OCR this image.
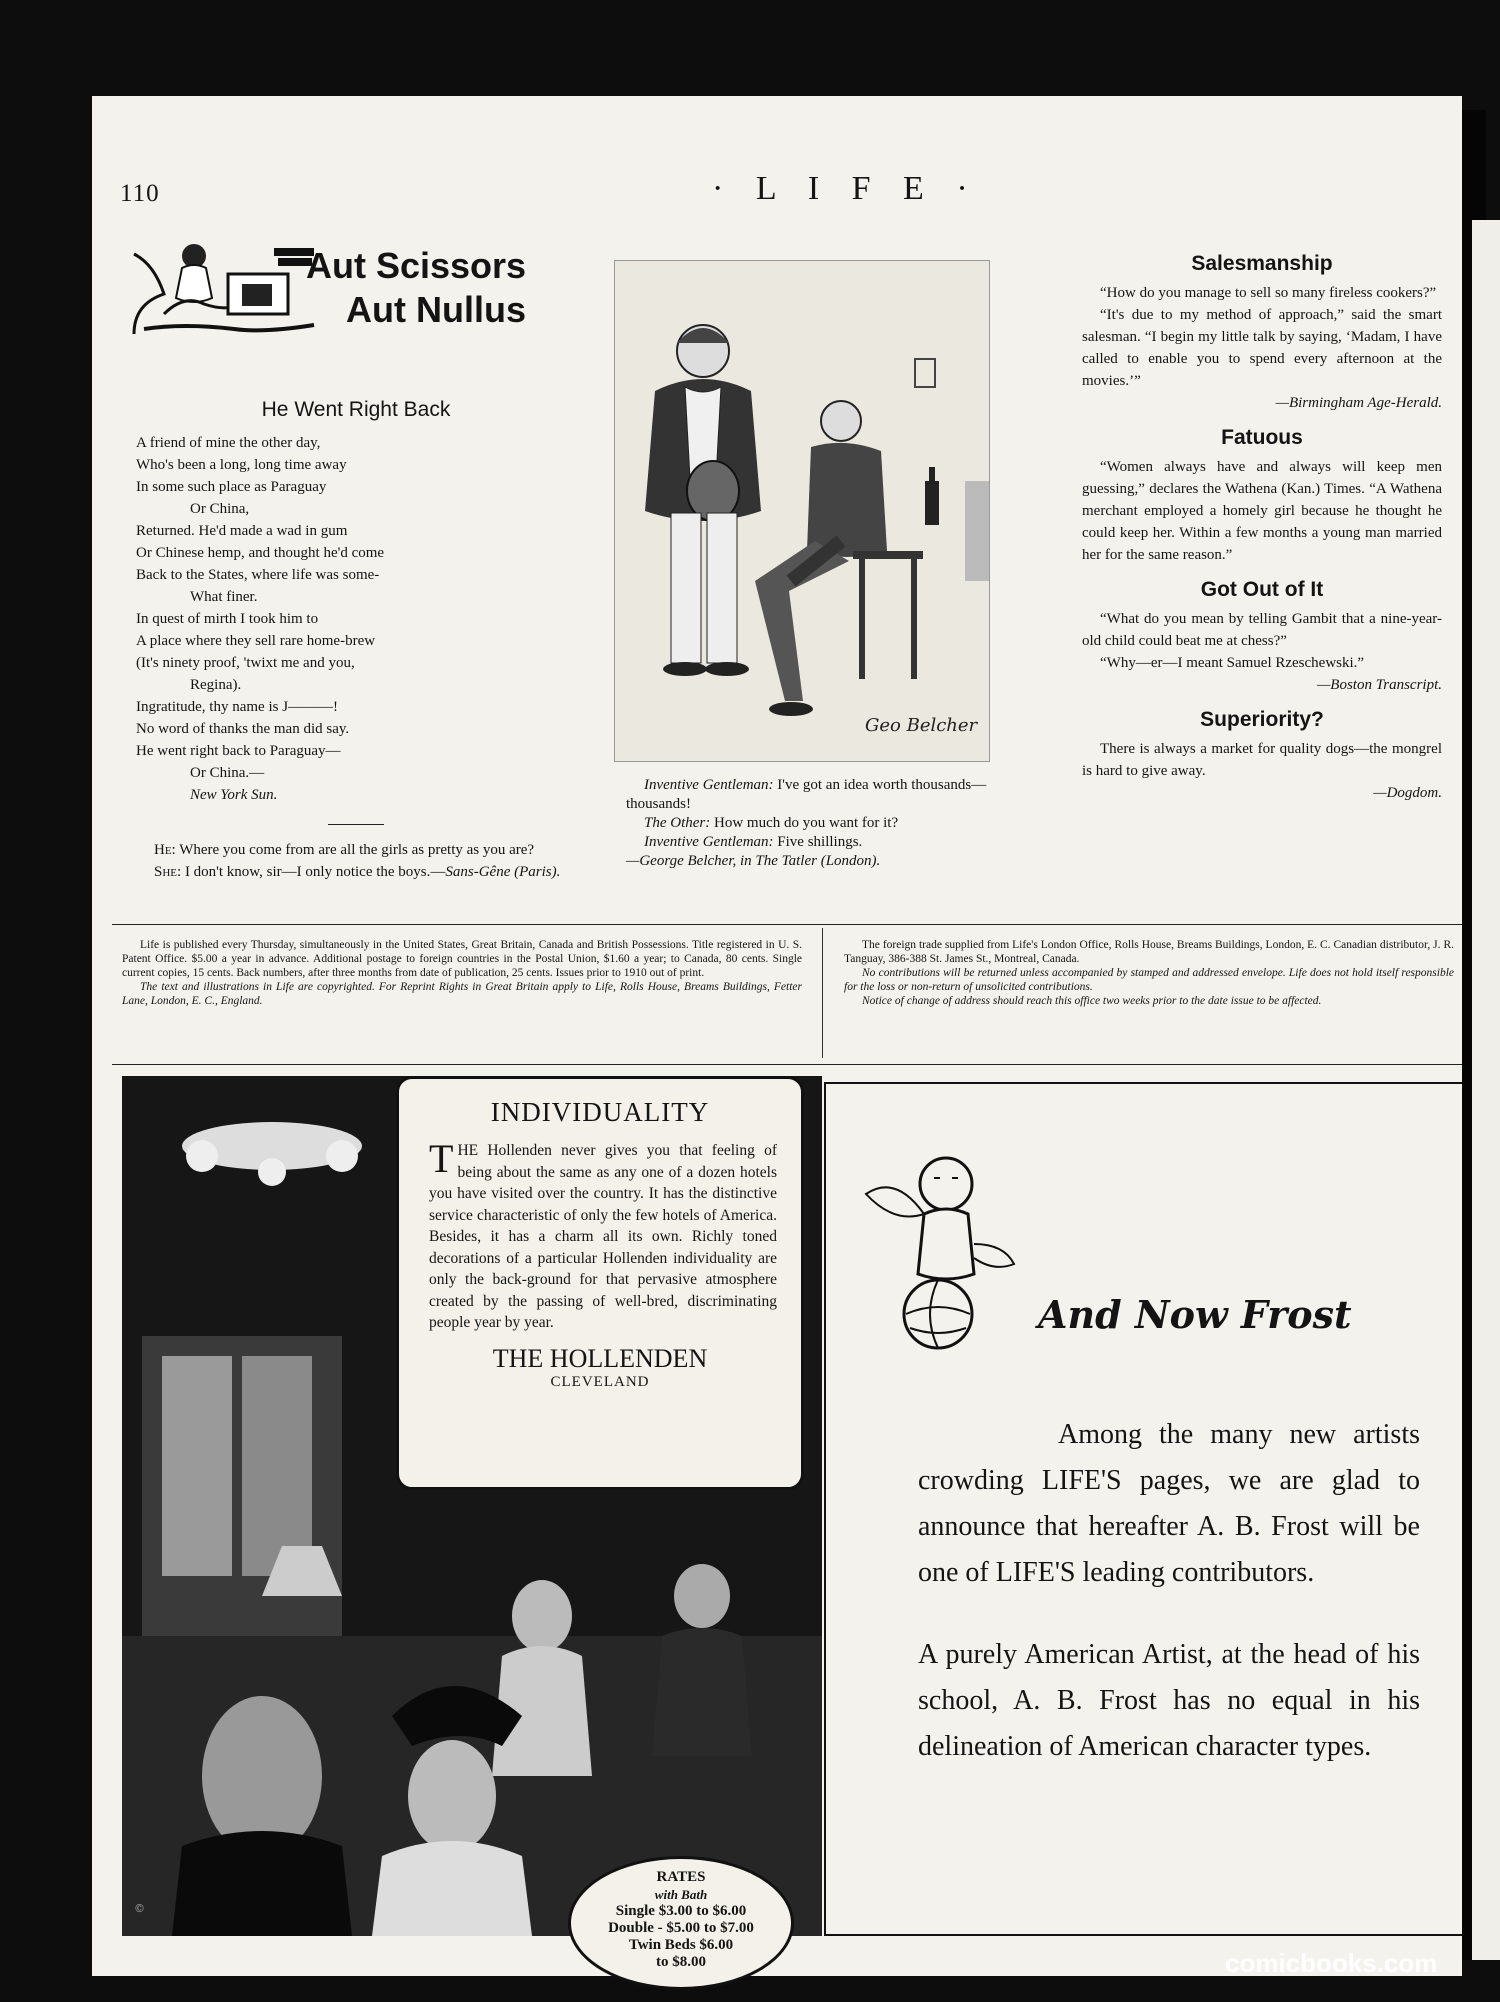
110	· L I F E ·
Aut Scissors
Aut Nullus
He Went Right Back
A friend of mine the other day,
Who's been a long, long time away
In some such place as Paraguay
Or China,
Returned. He'd made a wad in gum
Or Chinese hemp, and thought he'd come
Back to the States, where life was some-
What finer.
In quest of mirth I took him to
A place where they sell rare home-brew
(It's ninety proof, 'twixt me and you,
Regina).
Ingratitude, thy name is J———!
No word of thanks the man did say.
He went right back to Paraguay—
Or China.—
New York Sun.

He: Where you come from are all the girls as pretty as you are?

She: I don't know, sir—I only notice the boys.—Sans-Gêne (Paris).

Geo Belcher

Inventive Gentleman: I've got an idea worth thousands—thousands!

The Other: How much do you want for it?

Inventive Gentleman: Five shillings.

—George Belcher, in The Tatler (London).

Salesmanship

“How do you manage to sell so many fireless cookers?”

“It's due to my method of approach,” said the smart salesman. “I begin my little talk by saying, ‘Madam, I have called to enable you to spend every afternoon at the movies.’”

—Birmingham Age-Herald.
Fatuous

“Women always have and always will keep men guessing,” declares the Wathena (Kan.) Times. “A Wathena merchant employed a homely girl because he thought he could keep her. Within a few months a young man married her for the same reason.”

Got Out of It

“What do you mean by telling Gambit that a nine-year-old child could beat me at chess?”

“Why—er—I meant Samuel Rzeschewski.”

—Boston Transcript.
Superiority?

There is always a market for quality dogs—the mongrel is hard to give away.

—Dogdom.
Life is published every Thursday, simultaneously in the United States, Great Britain, Canada and British Possessions. Title registered in U. S. Patent Office. $5.00 a year in advance. Additional postage to foreign countries in the Postal Union, $1.60 a year; to Canada, 80 cents. Single current copies, 15 cents. Back numbers, after three months from date of publication, 25 cents. Issues prior to 1910 out of print.
The text and illustrations in Life are copyrighted. For Reprint Rights in Great Britain apply to Life, Rolls House, Breams Buildings, Fetter Lane, London, E. C., England.
The foreign trade supplied from Life's London Office, Rolls House, Breams Buildings, London, E. C. Canadian distributor, J. R. Tanguay, 386-388 St. James St., Montreal, Canada.
No contributions will be returned unless accompanied by stamped and addressed envelope. Life does not hold itself responsible for the loss or non-return of unsolicited contributions.
Notice of change of address should reach this office two weeks prior to the date issue to be affected.
©
INDIVIDUALITY
THE Hollenden never gives you that feeling of being about the same as any one of a dozen hotels you have visited over the country. It has the distinctive service characteristic of only the few hotels of America. Besides, it has a charm all its own. Richly toned decorations of a particular Hollenden individuality are only the back-ground for that pervasive atmosphere created by the passing of well-bred, discriminating people year by year.
THE HOLLENDEN
CLEVELAND
RATES
with Bath
Single $3.00 to $6.00
Double - $5.00 to $7.00
Twin Beds $6.00
to $8.00
And Now Frost
Among the many new artists crowding LIFE'S pages, we are glad to announce that hereafter A. B. Frost will be one of LIFE'S leading contributors.
A purely American Artist, at the head of his school, A. B. Frost has no equal in his delineation of American character types.
comicbooks.com
